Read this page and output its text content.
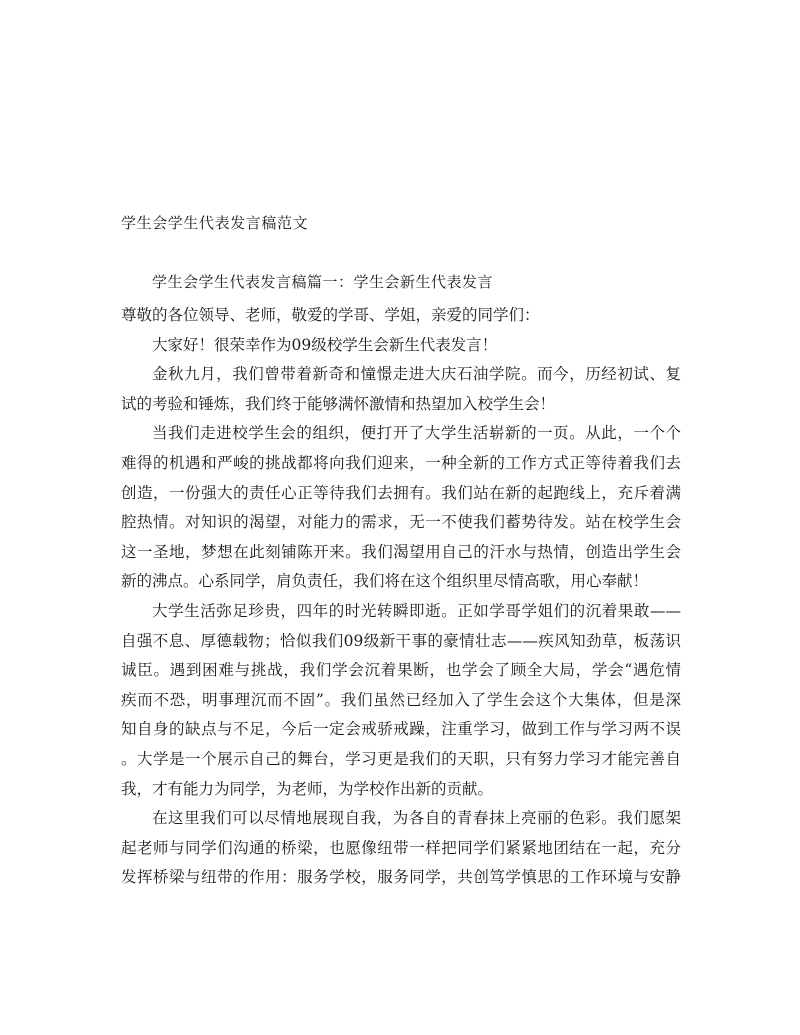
学生会学生代表发言稿范文
学生会学生代表发言稿篇一：学生会新生代表发言
尊敬的各位领导、老师，敬爱的学哥、学姐，亲爱的同学们：
大家好！很荣幸作为09级校学生会新生代表发言！
金秋九月，我们曾带着新奇和憧憬走进大庆石油学院。而今，历经初试、复
试的考验和锤炼，我们终于能够满怀激情和热望加入校学生会！
当我们走进校学生会的组织，便打开了大学生活崭新的一页。从此，一个个
难得的机遇和严峻的挑战都将向我们迎来，一种全新的工作方式正等待着我们去
创造，一份强大的责任心正等待我们去拥有。我们站在新的起跑线上，充斥着满
腔热情。对知识的渴望，对能力的需求，无一不使我们蓄势待发。站在校学生会
这一圣地，梦想在此刻铺陈开来。我们渴望用自己的汗水与热情，创造出学生会
新的沸点。心系同学，肩负责任，我们将在这个组织里尽情高歌，用心奉献！
大学生活弥足珍贵，四年的时光转瞬即逝。正如学哥学姐们的沉着果敢——
自强不息、厚德载物；恰似我们09级新干事的豪情壮志——疾风知劲草，板荡识
诚臣。遇到困难与挑战，我们学会沉着果断，也学会了顾全大局，学会“遇危情
疾而不恐，明事理沉而不固”。我们虽然已经加入了学生会这个大集体，但是深
知自身的缺点与不足，今后一定会戒骄戒躁，注重学习，做到工作与学习两不误
。大学是一个展示自己的舞台，学习更是我们的天职，只有努力学习才能完善自
我，才有能力为同学，为老师，为学校作出新的贡献。
在这里我们可以尽情地展现自我，为各自的青春抹上亮丽的色彩。我们愿架
起老师与同学们沟通的桥梁，也愿像纽带一样把同学们紧紧地团结在一起，充分
发挥桥梁与纽带的作用：服务学校，服务同学，共创笃学慎思的工作环境与安静
